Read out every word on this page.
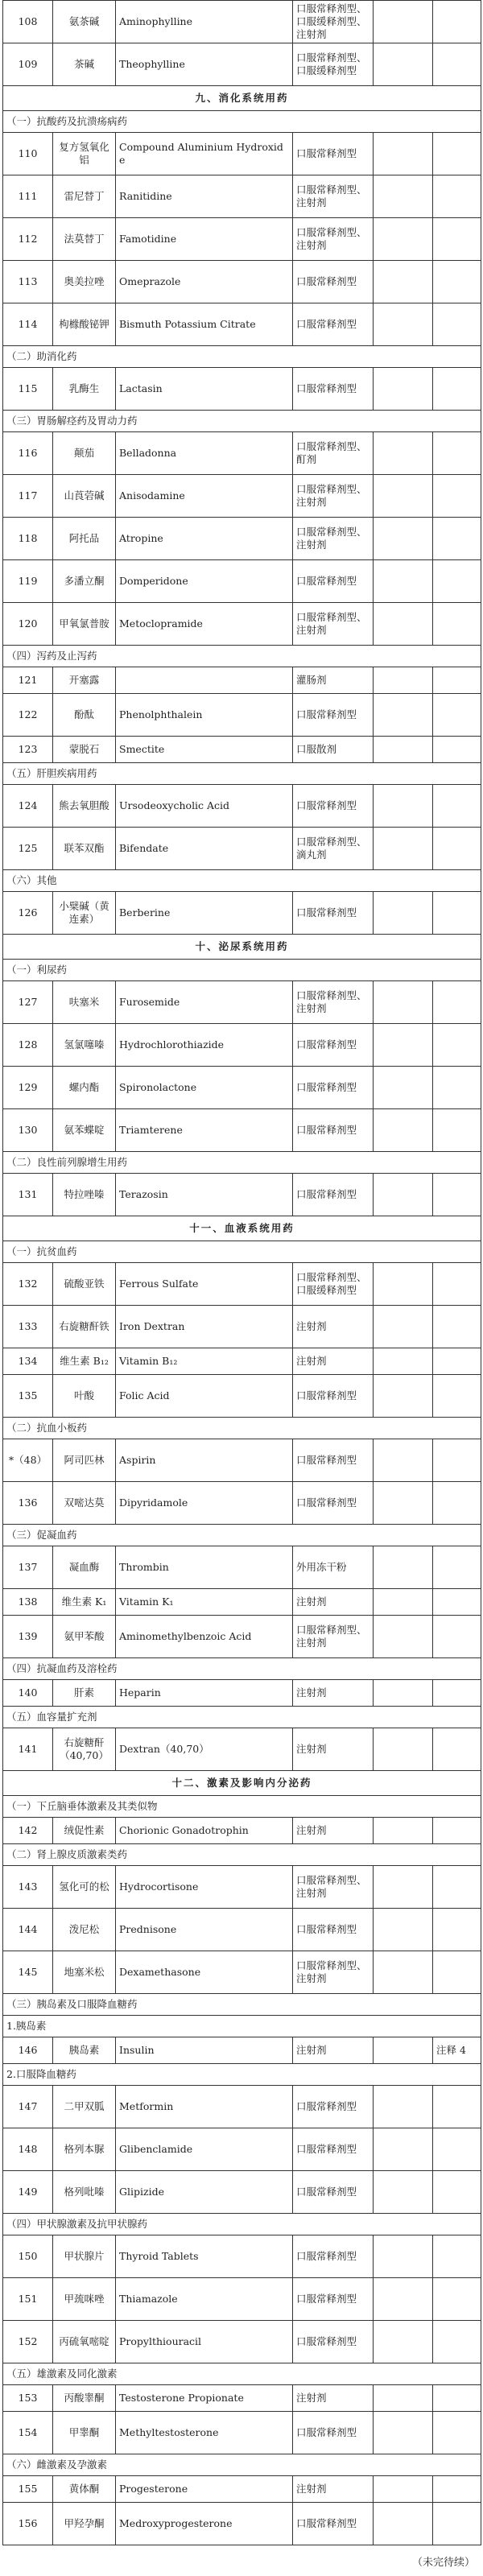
108	氨茶碱	Aminophylline	口服常释剂型、口服缓释剂型、注射剂		
109	茶碱	Theophylline	口服常释剂型、口服缓释剂型		
九、消化系统用药					
（一）抗酸药及抗溃疡病药					
110	复方氢氧化铝	Compound Aluminium Hydroxide	口服常释剂型		
111	雷尼替丁	Ranitidine	口服常释剂型、注射剂		
112	法莫替丁	Famotidine	口服常释剂型、注射剂		
113	奥美拉唑	Omeprazole	口服常释剂型		
114	枸橼酸铋钾	Bismuth Potassium Citrate	口服常释剂型		
（二）助消化药					
115	乳酶生	Lactasin	口服常释剂型		
（三）胃肠解痉药及胃动力药					
116	颠茄	Belladonna	口服常释剂型、酊剂		
117	山莨菪碱	Anisodamine	口服常释剂型、注射剂		
118	阿托品	Atropine	口服常释剂型、注射剂		
119	多潘立酮	Domperidone	口服常释剂型		
120	甲氧氯普胺	Metoclopramide	口服常释剂型、注射剂		
（四）泻药及止泻药					
121	开塞露		灌肠剂		
122	酚酞	Phenolphthalein	口服常释剂型		
123	蒙脱石	Smectite	口服散剂		
（五）肝胆疾病用药					
124	熊去氧胆酸	Ursodeoxycholic Acid	口服常释剂型		
125	联苯双酯	Bifendate	口服常释剂型、滴丸剂		
（六）其他					
126	小檗碱（黄连素）	Berberine	口服常释剂型		
十、泌尿系统用药					
（一）利尿药					
127	呋塞米	Furosemide	口服常释剂型、注射剂		
128	氢氯噻嗪	Hydrochlorothiazide	口服常释剂型		
129	螺内酯	Spironolactone	口服常释剂型		
130	氨苯蝶啶	Triamterene	口服常释剂型		
（二）良性前列腺增生用药					
131	特拉唑嗪	Terazosin	口服常释剂型		
十一、血液系统用药					
（一）抗贫血药					
132	硫酸亚铁	Ferrous Sulfate	口服常释剂型、口服缓释剂型		
133	右旋糖酐铁	Iron Dextran	注射剂		
134	维生素 B₁₂	Vitamin B₁₂	注射剂		
135	叶酸	Folic Acid	口服常释剂型		
（二）抗血小板药					
*（48）	阿司匹林	Aspirin	口服常释剂型		
136	双嘧达莫	Dipyridamole	口服常释剂型		
（三）促凝血药					
137	凝血酶	Thrombin	外用冻干粉		
138	维生素 K₁	Vitamin K₁	注射剂		
139	氨甲苯酸	Aminomethylbenzoic Acid	口服常释剂型、注射剂		
（四）抗凝血药及溶栓药					
140	肝素	Heparin	注射剂		
（五）血容量扩充剂					
141	右旋糖酐（40,70）	Dextran（40,70）	注射剂		
十二、激素及影响内分泌药					
（一）下丘脑垂体激素及其类似物					
142	绒促性素	Chorionic Gonadotrophin	注射剂		
（二）肾上腺皮质激素类药					
143	氢化可的松	Hydrocortisone	口服常释剂型、注射剂		
144	泼尼松	Prednisone	口服常释剂型		
145	地塞米松	Dexamethasone	口服常释剂型、注射剂		
（三）胰岛素及口服降血糖药					
1.胰岛素					
146	胰岛素	Insulin	注射剂		注释 4
2.口服降血糖药					
147	二甲双胍	Metformin	口服常释剂型		
148	格列本脲	Glibenclamide	口服常释剂型		
149	格列吡嗪	Glipizide	口服常释剂型		
（四）甲状腺激素及抗甲状腺药					
150	甲状腺片	Thyroid Tablets	口服常释剂型		
151	甲巯咪唑	Thiamazole	口服常释剂型		
152	丙硫氧嘧啶	Propylthiouracil	口服常释剂型		
（五）雄激素及同化激素					
153	丙酸睾酮	Testosterone Propionate	注射剂		
154	甲睾酮	Methyltestosterone	口服常释剂型		
（六）雌激素及孕激素					
155	黄体酮	Progesterone	注射剂		
156	甲羟孕酮	Medroxyprogesterone	口服常释剂型		
（未完待续）
